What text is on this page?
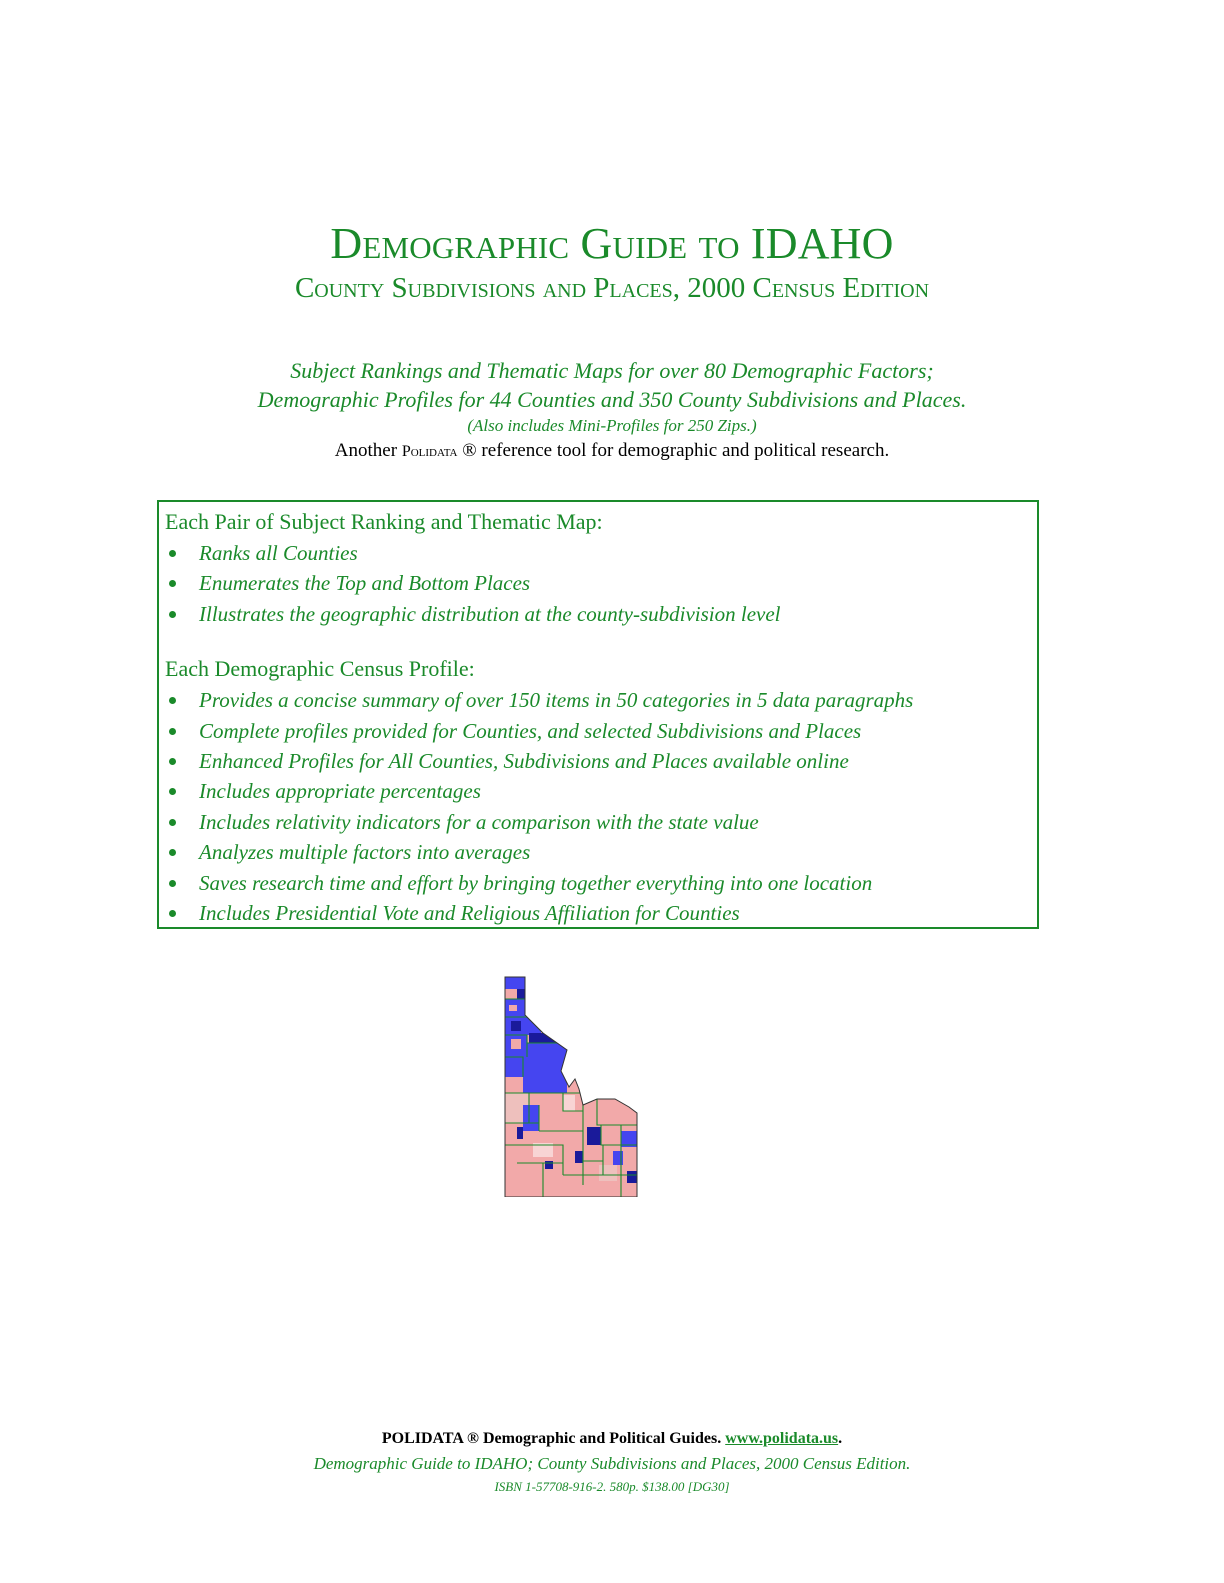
Demographic Guide to IDAHO
County Subdivisions and Places, 2000 Census Edition
Subject Rankings and Thematic Maps for over 80 Demographic Factors;
Demographic Profiles for 44 Counties and 350 County Subdivisions and Places.
(Also includes Mini-Profiles for 250 Zips.)
Another Polidata ® reference tool for demographic and political research.
Each Pair of Subject Ranking and Thematic Map:
Ranks all Counties
Enumerates the Top and Bottom Places
Illustrates the geographic distribution at the county-subdivision level
Each Demographic Census Profile:
Provides a concise summary of over 150 items in 50 categories in 5 data paragraphs
Complete profiles provided for Counties, and selected Subdivisions and Places
Enhanced Profiles for All Counties, Subdivisions and Places available online
Includes appropriate percentages
Includes relativity indicators for a comparison with the state value
Analyzes multiple factors into averages
Saves research time and effort by bringing together everything into one location
Includes Presidential Vote and Religious Affiliation for Counties
POLIDATA ® Demographic and Political Guides. www.polidata.us.
Demographic Guide to IDAHO; County Subdivisions and Places, 2000 Census Edition.
ISBN 1-57708-916-2. 580p. $138.00 [DG30]
